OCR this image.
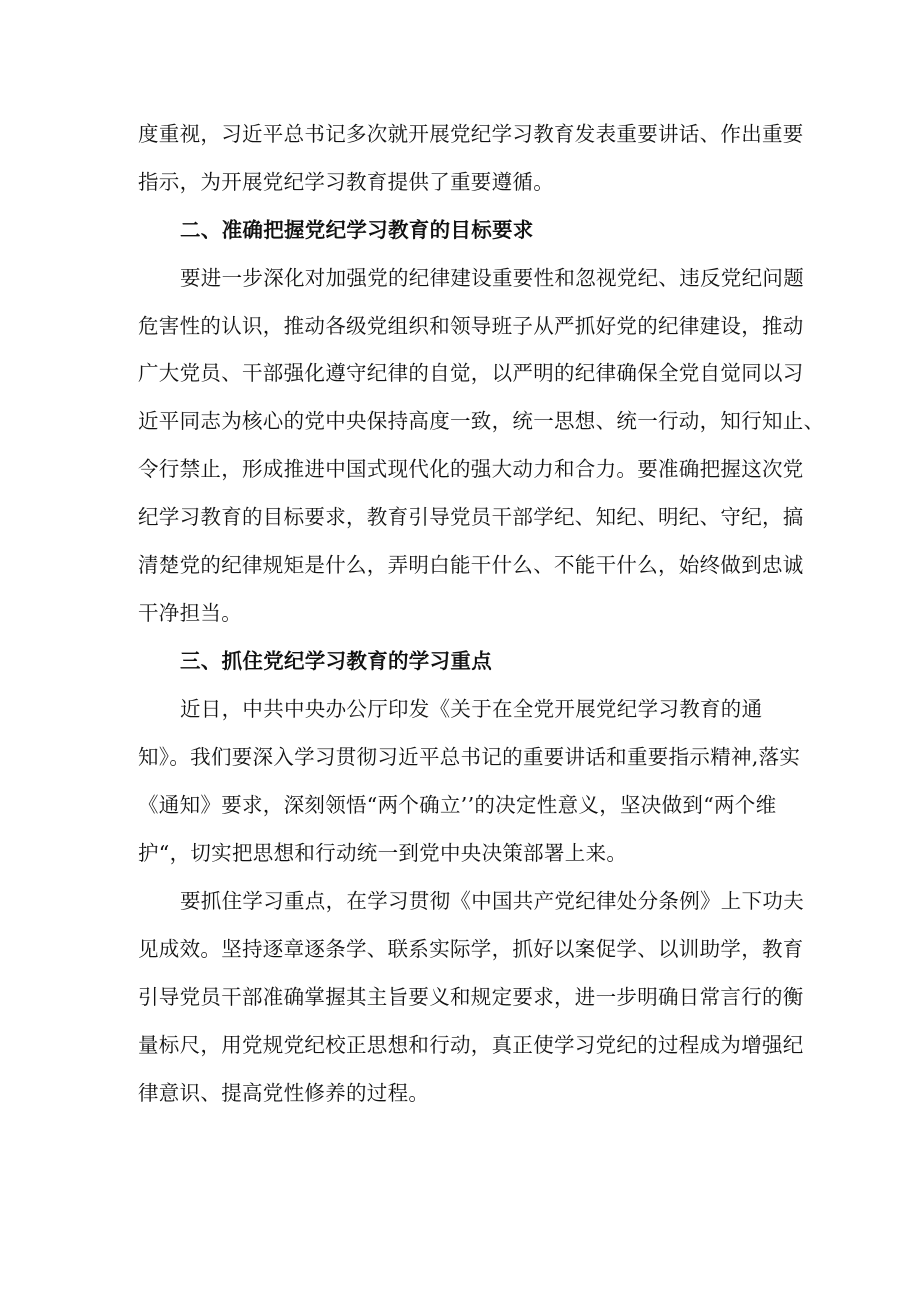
度重视，习近平总书记多次就开展党纪学习教育发表重要讲话、作出重要
指示，为开展党纪学习教育提供了重要遵循。
二、准确把握党纪学习教育的目标要求
要进一步深化对加强党的纪律建设重要性和忽视党纪、违反党纪问题
危害性的认识，推动各级党组织和领导班子从严抓好党的纪律建设，推动
广大党员、干部强化遵守纪律的自觉，以严明的纪律确保全党自觉同以习
近平同志为核心的党中央保持高度一致，统一思想、统一行动，知行知止、
令行禁止，形成推进中国式现代化的强大动力和合力。要准确把握这次党
纪学习教育的目标要求，教育引导党员干部学纪、知纪、明纪、守纪，搞
清楚党的纪律规矩是什么，弄明白能干什么、不能干什么，始终做到忠诚
干净担当。
三、抓住党纪学习教育的学习重点
近日，中共中央办公厅印发《关于在全党开展党纪学习教育的通
知》。我们要深入学习贯彻习近平总书记的重要讲话和重要指示精神,落实
《通知》要求，深刻领悟“两个确立’’的决定性意义，坚决做到“两个维
护“，切实把思想和行动统一到党中央决策部署上来。
要抓住学习重点，在学习贯彻《中国共产党纪律处分条例》上下功夫
见成效。坚持逐章逐条学、联系实际学，抓好以案促学、以训助学，教育
引导党员干部准确掌握其主旨要义和规定要求，进一步明确日常言行的衡
量标尺，用党规党纪校正思想和行动，真正使学习党纪的过程成为增强纪
律意识、提高党性修养的过程。
